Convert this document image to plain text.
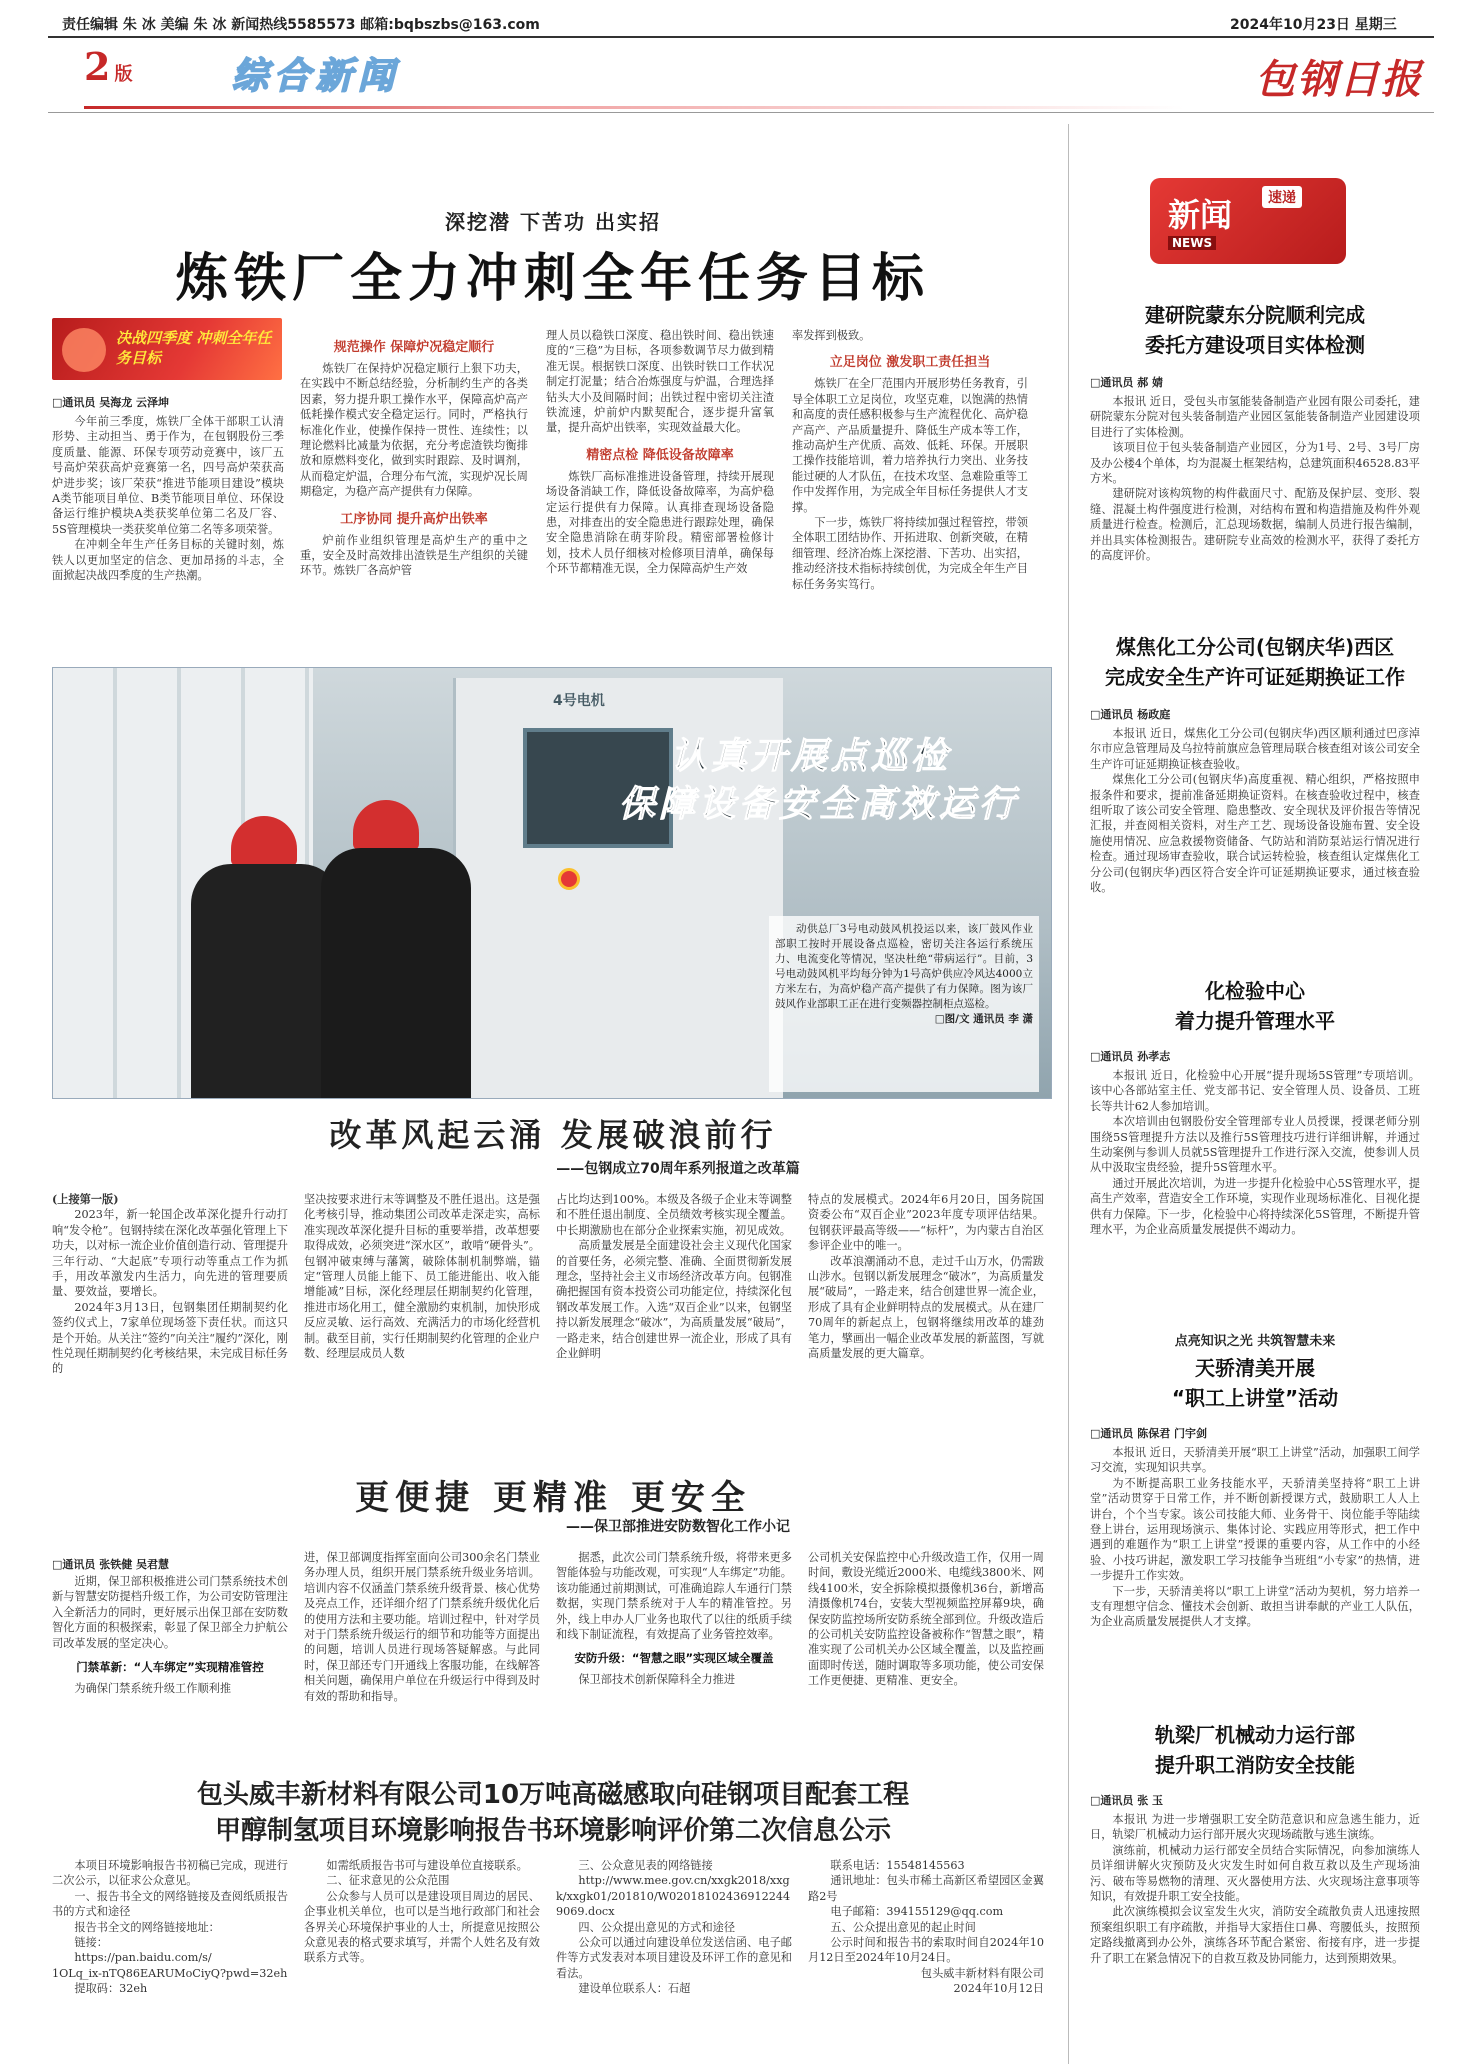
责任编辑 朱 冰 美编 朱 冰 新闻热线5585573 邮箱:bqbszbs@163.com	2024年10月23日 星期三
2 版	综合新闻	包钢日报
深挖潜 下苦功 出实招
炼铁厂全力冲刺全年任务目标
决战四季度 冲刺全年任务目标
□通讯员 吴海龙 云泽坤

今年前三季度，炼铁厂全体干部职工认清形势、主动担当、勇于作为，在包钢股份三季度质量、能源、环保专项劳动竞赛中，该厂五号高炉荣获高炉竞赛第一名，四号高炉荣获高炉进步奖；该厂荣获“推进节能项目建设”模块A类节能项目单位、B类节能项目单位、环保设备运行维护模块A类获奖单位第二名及厂容、5S管理模块一类获奖单位第二名等多项荣誉。

在冲刺全年生产任务目标的关键时刻，炼铁人以更加坚定的信念、更加昂扬的斗志，全面掀起决战四季度的生产热潮。

规范操作 保障炉况稳定顺行

炼铁厂在保持炉况稳定顺行上狠下功夫，在实践中不断总结经验，分析制约生产的各类因素，努力提升职工操作水平，保障高炉高产低耗操作模式安全稳定运行。同时，严格执行标准化作业，使操作保持一贯性、连续性；以理论燃料比减量为依据，充分考虑渣铁均衡排放和原燃料变化，做到实时跟踪、及时调剂，从而稳定炉温，合理分布气流，实现炉况长周期稳定，为稳产高产提供有力保障。

工序协同 提升高炉出铁率

炉前作业组织管理是高炉生产的重中之重，安全及时高效排出渣铁是生产组织的关键环节。炼铁厂各高炉管

理人员以稳铁口深度、稳出铁时间、稳出铁速度的“三稳”为目标，各项参数调节尽力做到精准无误。根据铁口深度、出铁时铁口工作状况制定打泥量；结合冶炼强度与炉温，合理选择钻头大小及间隔时间；出铁过程中密切关注渣铁流速，炉前炉内默契配合，逐步提升富氧量，提升高炉出铁率，实现效益最大化。

精密点检 降低设备故障率

炼铁厂高标准推进设备管理，持续开展现场设备消缺工作，降低设备故障率，为高炉稳定运行提供有力保障。认真排查现场设备隐患，对排查出的安全隐患进行跟踪处理，确保安全隐患消除在萌芽阶段。精密部署检修计划，技术人员仔细核对检修项目清单，确保每个环节都精准无误，全力保障高炉生产效

率发挥到极致。

立足岗位 激发职工责任担当

炼铁厂在全厂范围内开展形势任务教育，引导全体职工立足岗位，攻坚克难，以饱满的热情和高度的责任感积极参与生产流程优化、高炉稳产高产、产品质量提升、降低生产成本等工作，推动高炉生产优质、高效、低耗、环保。开展职工操作技能培训，着力培养执行力突出、业务技能过硬的人才队伍，在技术攻坚、急难险重等工作中发挥作用，为完成全年目标任务提供人才支撑。

下一步，炼铁厂将持续加强过程管控，带领全体职工团结协作、开拓进取、创新突破，在精细管理、经济冶炼上深挖潜、下苦功、出实招，推动经济技术指标持续创优，为完成全年生产目标任务务实笃行。

4号电机
认真开展点巡检
保障设备安全高效运行
动供总厂3号电动鼓风机投运以来，该厂鼓风作业部职工按时开展设备点巡检，密切关注各运行系统压力、电流变化等情况，坚决杜绝“带病运行”。目前，3号电动鼓风机平均每分钟为1号高炉供应冷风达4000立方米左右，为高炉稳产高产提供了有力保障。图为该厂鼓风作业部职工正在进行变频器控制柜点巡检。
□图/文 通讯员 李 潇
改革风起云涌 发展破浪前行
——包钢成立70周年系列报道之改革篇

(上接第一版)

2023年，新一轮国企改革深化提升行动打响“发令枪”。包钢持续在深化改革强化管理上下功夫，以对标一流企业价值创造行动、管理提升三年行动、“大起底”专项行动等重点工作为抓手，用改革激发内生活力，向先进的管理要质量、要效益，要增长。

2024年3月13日，包钢集团任期制契约化签约仪式上，7家单位现场签下责任状。而这只是个开始。从关注“签约”向关注“履约”深化，刚性兑现任期制契约化考核结果，未完成目标任务的

坚决按要求进行末等调整及不胜任退出。这是强化考核引导，推动集团公司改革走深走实，高标准实现改革深化提升目标的重要举措，改革想要取得成效，必须突进“深水区”，敢啃“硬骨头”。包钢冲破束缚与藩篱，破除体制机制弊端，锚定“管理人员能上能下、员工能进能出、收入能增能减”目标，深化经理层任期制契约化管理，推进市场化用工，健全激励约束机制，加快形成反应灵敏、运行高效、充满活力的市场化经营机制。截至目前，实行任期制契约化管理的企业户数、经理层成员人数

占比均达到100%。本级及各级子企业末等调整和不胜任退出制度、全员绩效考核实现全覆盖。中长期激励也在部分企业探索实施，初见成效。

高质量发展是全面建设社会主义现代化国家的首要任务，必须完整、准确、全面贯彻新发展理念，坚持社会主义市场经济改革方向。包钢准确把握国有资本投资公司功能定位，持续深化包钢改革发展工作。入选“双百企业”以来，包钢坚持以新发展理念“破冰”，为高质量发展“破局”，一路走来，结合创建世界一流企业，形成了具有企业鲜明

特点的发展模式。2024年6月20日，国务院国资委公布“双百企业”2023年度专项评估结果。包钢获评最高等级——“标杆”，为内蒙古自治区参评企业中的唯一。

改革浪潮涌动不息，走过千山万水，仍需跋山涉水。包钢以新发展理念“破冰”，为高质量发展“破局”，一路走来，结合创建世界一流企业，形成了具有企业鲜明特点的发展模式。从在建厂70周年的新起点上，包钢将继续用改革的雄劲笔力，擘画出一幅企业改革发展的新蓝图，写就高质量发展的更大篇章。

更便捷 更精准 更安全
——保卫部推进安防数智化工作小记
□通讯员 张铁健 吴君慧

近期，保卫部积极推进公司门禁系统技术创新与智慧安防提档升级工作，为公司安防管理注入全新活力的同时，更好展示出保卫部在安防数智化方面的积极探索，彰显了保卫部全力护航公司改革发展的坚定决心。

门禁革新：“人车绑定”实现精准管控

为确保门禁系统升级工作顺利推

进，保卫部调度指挥室面向公司300余名门禁业务办理人员，组织开展门禁系统升级业务培训。培训内容不仅涵盖门禁系统升级背景、核心优势及亮点工作，还详细介绍了门禁系统升级优化后的使用方法和主要功能。培训过程中，针对学员对于门禁系统升级运行的细节和功能等方面提出的问题，培训人员进行现场答疑解惑。与此同时，保卫部还专门开通线上客服功能，在线解答相关问题，确保用户单位在升级运行中得到及时有效的帮助和指导。

据悉，此次公司门禁系统升级，将带来更多智能体验与功能改观，可实现“人车绑定”功能。该功能通过前期测试，可准确追踪人车通行门禁数据，实现门禁系统对于人车的精准管控。另外，线上申办人厂业务也取代了以往的纸质手续和线下制证流程，有效提高了业务管控效率。

安防升级：“智慧之眼”实现区域全覆盖

保卫部技术创新保障科全力推进

公司机关安保监控中心升级改造工作，仅用一周时间，敷设光缆近2000米、电缆线3800米、网线4100米，安全拆除模拟摄像机36台，新增高清摄像机74台，安装大型视频监控屏幕9块，确保安防监控场所安防系统全部到位。升级改造后的公司机关安防监控设备被称作“智慧之眼”，精准实现了公司机关办公区域全覆盖，以及监控画面即时传送，随时调取等多项功能，使公司安保工作更便捷、更精准、更安全。

包头威丰新材料有限公司10万吨高磁感取向硅钢项目配套工程
甲醇制氢项目环境影响报告书环境影响评价第二次信息公示

本项目环境影响报告书初稿已完成，现进行二次公示，以征求公众意见。

一、报告书全文的网络链接及查阅纸质报告书的方式和途径

报告书全文的网络链接地址：

链接：

https://pan.baidu.com/s/

1OLq_ix-nTQ86EARUMoCiyQ?pwd=32eh

提取码：32eh

如需纸质报告书可与建设单位直接联系。

二、征求意见的公众范围

公众参与人员可以是建设项目周边的居民、企事业机关单位，也可以是当地行政部门和社会各界关心环境保护事业的人士，所提意见按照公众意见表的格式要求填写，并需个人姓名及有效联系方式等。

三、公众意见表的网络链接

http://www.mee.gov.cn/xxgk2018/xxgk/xxgk01/201810/W020181024369122449069.docx

四、公众提出意见的方式和途径

公众可以通过向建设单位发送信函、电子邮件等方式发表对本项目建设及环评工作的意见和看法。

建设单位联系人：石超

联系电话：15548145563

通讯地址：包头市稀土高新区希望园区金翼路2号

电子邮箱：394155129@qq.com

五、公众提出意见的起止时间

公示时间和报告书的索取时间自2024年10月12日至2024年10月24日。

包头威丰新材料有限公司

2024年10月12日

新闻	速递
NEWS
建研院蒙东分院顺利完成
委托方建设项目实体检测
□通讯员 郝 婧

本报讯 近日，受包头市氢能装备制造产业园有限公司委托，建研院蒙东分院对包头装备制造产业园区氢能装备制造产业园建设项目进行了实体检测。

该项目位于包头装备制造产业园区，分为1号、2号、3号厂房及办公楼4个单体，均为混凝土框架结构，总建筑面积46528.83平方米。

建研院对该构筑物的构件截面尺寸、配筋及保护层、变形、裂缝、混凝土构件强度进行检测，对结构布置和构造措施及构件外观质量进行检查。检测后，汇总现场数据，编制人员进行报告编制，并出具实体检测报告。建研院专业高效的检测水平，获得了委托方的高度评价。

煤焦化工分公司(包钢庆华)西区
完成安全生产许可证延期换证工作
□通讯员 杨政庭

本报讯 近日，煤焦化工分公司(包钢庆华)西区顺利通过巴彦淖尔市应急管理局及乌拉特前旗应急管理局联合核查组对该公司安全生产许可证延期换证核查验收。

煤焦化工分公司(包钢庆华)高度重视、精心组织，严格按照申报条件和要求，提前准备延期换证资料。在核查验收过程中，核查组听取了该公司安全管理、隐患整改、安全现状及评价报告等情况汇报，并查阅相关资料，对生产工艺、现场设备设施布置、安全设施使用情况、应急救援物资储备、气防站和消防泵站运行情况进行检查。通过现场审查验收，联合试运转检验，核查组认定煤焦化工分公司(包钢庆华)西区符合安全许可证延期换证要求，通过核查验收。

化检验中心
着力提升管理水平
□通讯员 孙孝志

本报讯 近日，化检验中心开展“提升现场5S管理”专项培训。该中心各部站室主任、党支部书记、安全管理人员、设备员、工班长等共计62人参加培训。

本次培训由包钢股份安全管理部专业人员授课，授课老师分别围绕5S管理提升方法以及推行5S管理技巧进行详细讲解，并通过生动案例与参训人员就5S管理提升工作进行深入交流，使参训人员从中汲取宝贵经验，提升5S管理水平。

通过开展此次培训，为进一步提升化检验中心5S管理水平，提高生产效率，营造安全工作环境，实现作业现场标准化、目视化提供有力保障。下一步，化检验中心将持续深化5S管理，不断提升管理水平，为企业高质量发展提供不竭动力。

点亮知识之光 共筑智慧未来
天骄清美开展
“职工上讲堂”活动
□通讯员 陈保君 门宇剑

本报讯 近日，天骄清美开展“职工上讲堂”活动，加强职工间学习交流，实现知识共享。

为不断提高职工业务技能水平，天骄清美坚持将“职工上讲堂”活动贯穿于日常工作，并不断创新授课方式，鼓励职工人人上讲台，个个当专家。该公司技能大师、业务骨干、岗位能手等陆续登上讲台，运用现场演示、集体讨论、实践应用等形式，把工作中遇到的难题作为“职工上讲堂”授课的重要内容，从工作中的小经验、小技巧讲起，激发职工学习技能争当班组“小专家”的热情，进一步提升工作实效。

下一步，天骄清美将以“职工上讲堂”活动为契机，努力培养一支有理想守信念、懂技术会创新、敢担当讲奉献的产业工人队伍，为企业高质量发展提供人才支撑。

轨梁厂机械动力运行部
提升职工消防安全技能
□通讯员 张 玉

本报讯 为进一步增强职工安全防范意识和应急逃生能力，近日，轨梁厂机械动力运行部开展火灾现场疏散与逃生演练。

演练前，机械动力运行部安全员结合实际情况，向参加演练人员详细讲解火灾预防及火灾发生时如何自救互救以及生产现场油污、破布等易燃物的清理、灭火器使用方法、火灾现场注意事项等知识，有效提升职工安全技能。

此次演练模拟会议室发生火灾，消防安全疏散负责人迅速按照预案组织职工有序疏散，并指导大家捂住口鼻、弯腰低头，按照预定路线撤离到办公外，演练各环节配合紧密、衔接有序，进一步提升了职工在紧急情况下的自救互救及协同能力，达到预期效果。
